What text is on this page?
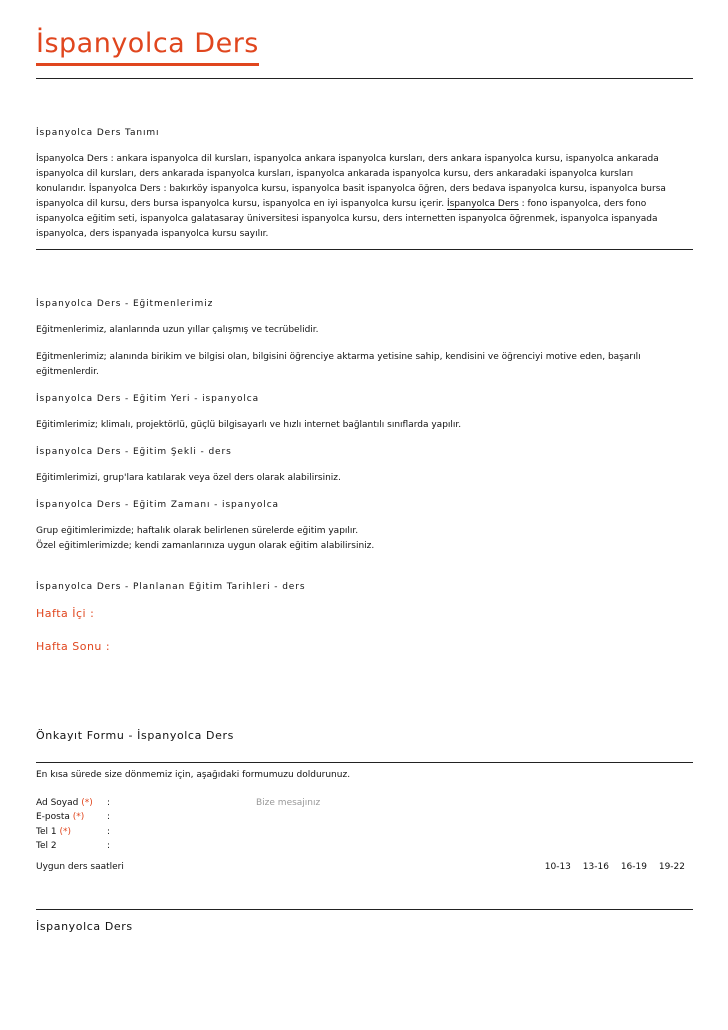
İspanyolca Ders
İspanyolca Ders Tanımı
İspanyolca Ders : ankara ispanyolca dil kursları, ispanyolca ankara ispanyolca kursları, ders ankara ispanyolca kursu, ispanyolca ankarada
ispanyolca dil kursları, ders ankarada ispanyolca kursları, ispanyolca ankarada ispanyolca kursu, ders ankaradaki ispanyolca kursları
konularıdır. İspanyolca Ders : bakırköy ispanyolca kursu, ispanyolca basit ispanyolca öğren, ders bedava ispanyolca kursu, ispanyolca bursa
ispanyolca dil kursu, ders bursa ispanyolca kursu, ispanyolca en iyi ispanyolca kursu içerir. İspanyolca Ders : fono ispanyolca, ders fono
ispanyolca eğitim seti, ispanyolca galatasaray üniversitesi ispanyolca kursu, ders internetten ispanyolca öğrenmek, ispanyolca ispanyada
ispanyolca, ders ispanyada ispanyolca kursu sayılır.
İspanyolca Ders - Eğitmenlerimiz
Eğitmenlerimiz, alanlarında uzun yıllar çalışmış ve tecrübelidir.
Eğitmenlerimiz; alanında birikim ve bilgisi olan, bilgisini öğrenciye aktarma yetisine sahip, kendisini ve öğrenciyi motive eden, başarılı
eğitmenlerdir.
İspanyolca Ders - Eğitim Yeri - ispanyolca
Eğitimlerimiz; klimalı, projektörlü, güçlü bilgisayarlı ve hızlı internet bağlantılı sınıflarda yapılır.
İspanyolca Ders - Eğitim Şekli - ders
Eğitimlerimizi, grup'lara katılarak veya özel ders olarak alabilirsiniz.
İspanyolca Ders - Eğitim Zamanı - ispanyolca
Grup eğitimlerimizde; haftalık olarak belirlenen sürelerde eğitim yapılır.
Özel eğitimlerimizde; kendi zamanlarınıza uygun olarak eğitim alabilirsiniz.
İspanyolca Ders - Planlanan Eğitim Tarihleri - ders
Hafta İçi :
Hafta Sonu :
Önkayıt Formu - İspanyolca Ders
En kısa sürede size dönmemiz için, aşağıdaki formumuzu doldurunuz.
Ad Soyad (*) :	Bize mesajınız
E-posta (*)	:
Tel 1 (*)	:
Tel 2	:
Uygun ders saatleri	10-13 13-16 16-19 19-22
İspanyolca Ders
